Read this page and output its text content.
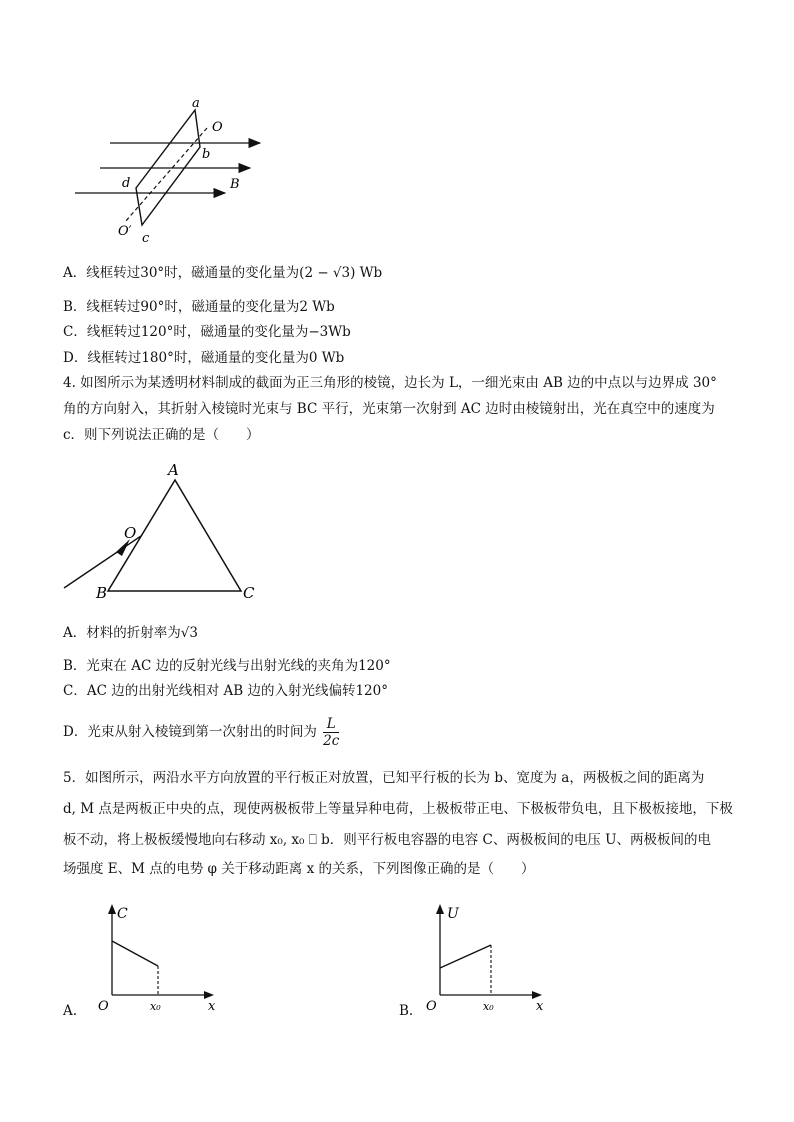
a
O
b
d	B
O′ c
A．线框转过30°时，磁通量的变化量为(2 − √3) Wb
B．线框转过90°时，磁通量的变化量为2 Wb
C．线框转过120°时，磁通量的变化量为−3Wb
D．线框转过180°时，磁通量的变化量为0 Wb
4. 如图所示为某透明材料制成的截面为正三角形的棱镜，边长为 L，一细光束由 AB 边的中点以与边界成 30°
角的方向射入，其折射入棱镜时光束与 BC 平行，光束第一次射到 AC 边时由棱镜射出，光在真空中的速度为
c．则下列说法正确的是（　　）
A
O
B	C
A．材料的折射率为√3
B．光束在 AC 边的反射光线与出射光线的夹角为120°
C．AC 边的出射光线相对 AB 边的入射光线偏转120°
D．光束从射入棱镜到第一次射出的时间为 $\frac{L}{2c}$
5．如图所示，两沿水平方向放置的平行板正对放置，已知平行板的长为 b、宽度为 a，两极板之间的距离为
d, M 点是两板正中央的点，现使两极板带上等量异种电荷，上极板带正电、下极板带负电，且下极板接地，下极
板不动，将上极板缓慢地向右移动 x₀, x₀ ⎕ b．则平行板电容器的电容 C、两极板间的电压 U、两极板间的电
场强度 E、M 点的电势 φ 关于移动距离 x 的关系，下列图像正确的是（　　）
A.
C
O	x₀	x	B.
U
O	x₀	x
